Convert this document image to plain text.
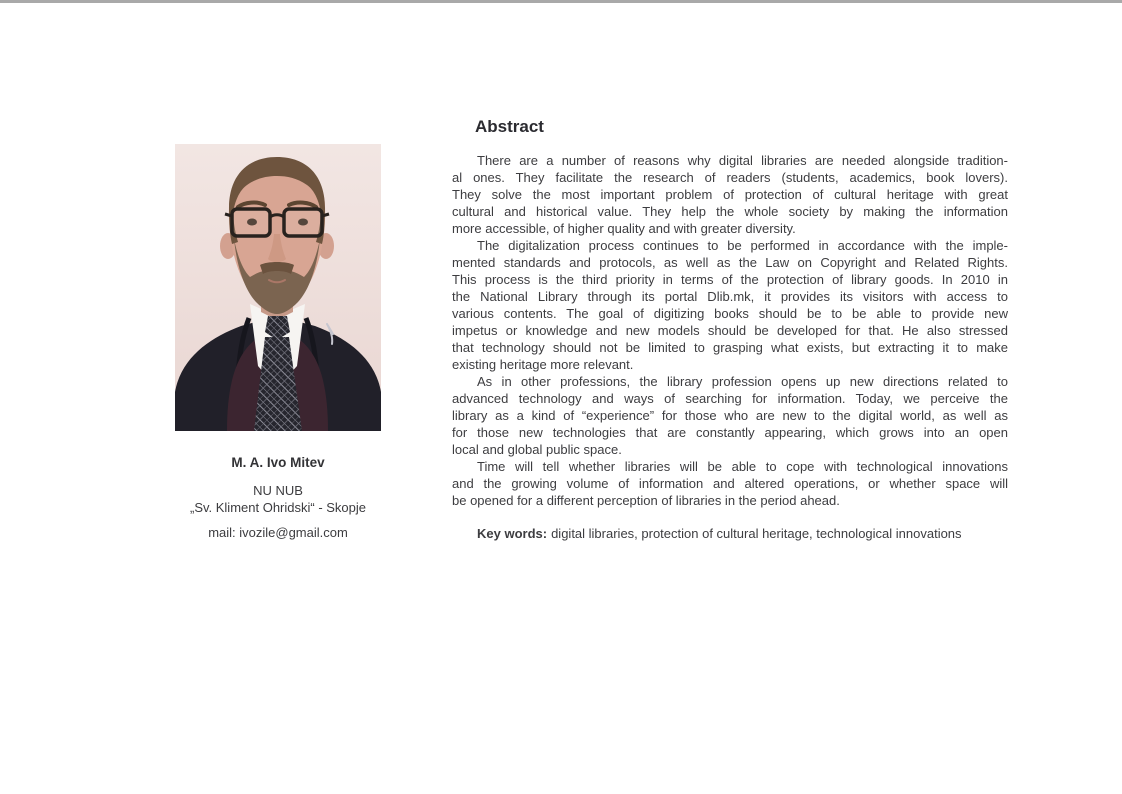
M. A. Ivo Mitev
NU NUB
„Sv. Kliment Ohridski“ - Skopje
mail: ivozile@gmail.com
Abstract
There are a number of reasons why digital libraries are needed alongside tradition-
al ones. They facilitate the research of readers (students, academics, book lovers).
They solve the most important problem of protection of cultural heritage with great
cultural and historical value. They help the whole society by making the information
more accessible, of higher quality and with greater diversity.
The digitalization process continues to be performed in accordance with the imple-
mented standards and protocols, as well as the Law on Copyright and Related Rights.
This process is the third priority in terms of the protection of library goods. In 2010 in
the National Library through its portal Dlib.mk, it provides its visitors with access to
various contents. The goal of digitizing books should be to be able to provide new
impetus or knowledge and new models should be developed for that. He also stressed
that technology should not be limited to grasping what exists, but extracting it to make
existing heritage more relevant.
As in other professions, the library profession opens up new directions related to
advanced technology and ways of searching for information. Today, we perceive the
library as a kind of “experience” for those who are new to the digital world, as well as
for those new technologies that are constantly appearing, which grows into an open
local and global public space.
Time will tell whether libraries will be able to cope with technological innovations
and the growing volume of information and altered operations, or whether space will
be opened for a different perception of libraries in the period ahead.
Key words: digital libraries, protection of cultural heritage, technological innovations
